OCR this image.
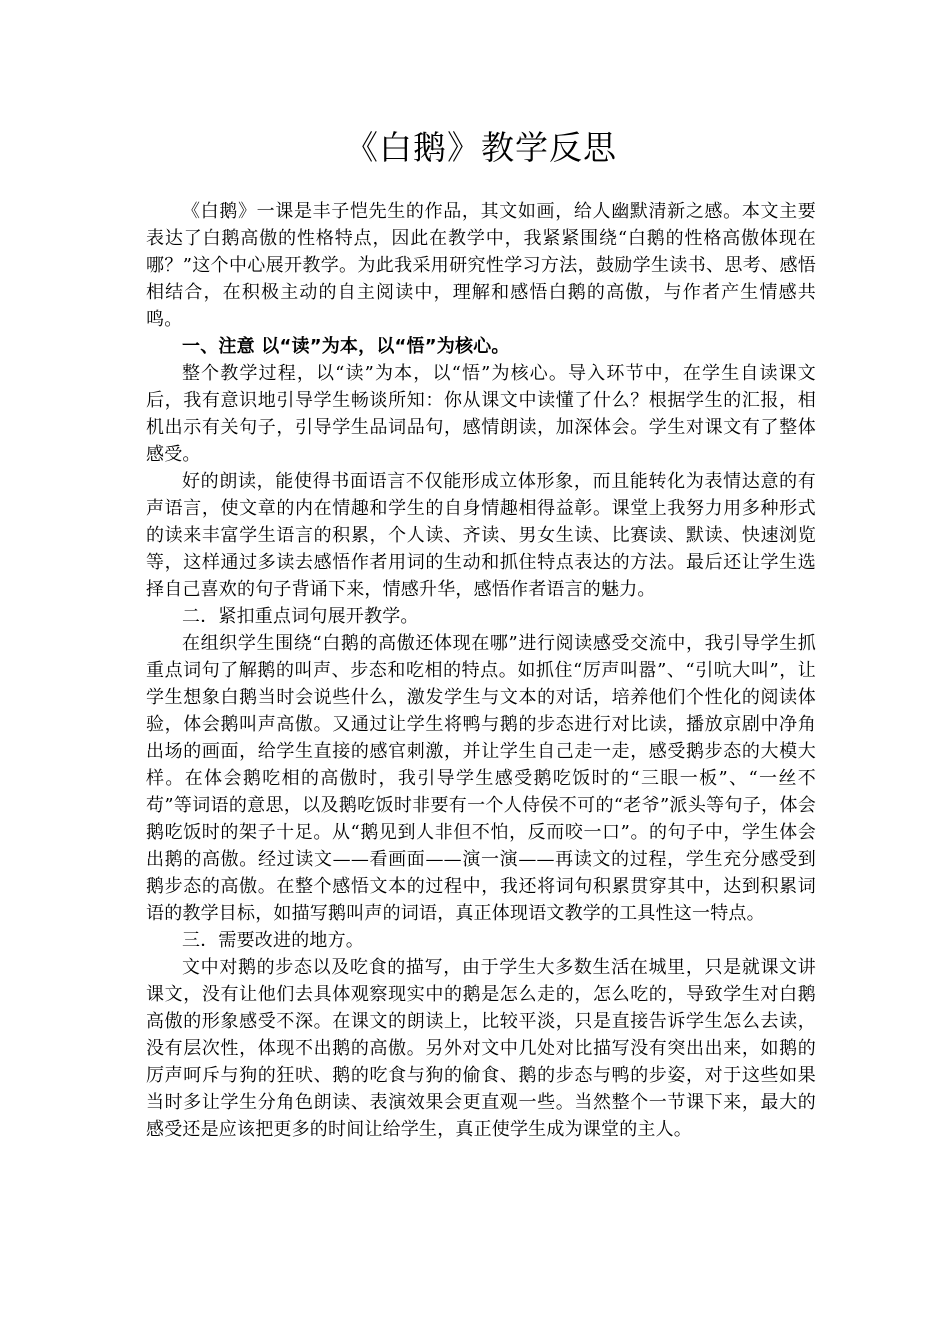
《白鹅》教学反思

《白鹅》一课是丰子恺先生的作品，其文如画，给人幽默清新之感。本文主要表达了白鹅高傲的性格特点，因此在教学中，我紧紧围绕“白鹅的性格高傲体现在哪？”这个中心展开教学。为此我采用研究性学习方法，鼓励学生读书、思考、感悟相结合，在积极主动的自主阅读中，理解和感悟白鹅的高傲，与作者产生情感共鸣。

一、注意 以“读”为本，以“悟”为核心。

整个教学过程，以“读”为本，以“悟”为核心。导入环节中，在学生自读课文后，我有意识地引导学生畅谈所知：你从课文中读懂了什么？根据学生的汇报，相机出示有关句子，引导学生品词品句，感情朗读，加深体会。学生对课文有了整体感受。

好的朗读，能使得书面语言不仅能形成立体形象，而且能转化为表情达意的有声语言，使文章的内在情趣和学生的自身情趣相得益彰。课堂上我努力用多种形式的读来丰富学生语言的积累，个人读、齐读、男女生读、比赛读、默读、快速浏览等，这样通过多读去感悟作者用词的生动和抓住特点表达的方法。最后还让学生选择自己喜欢的句子背诵下来，情感升华，感悟作者语言的魅力。

二．紧扣重点词句展开教学。

在组织学生围绕“白鹅的高傲还体现在哪”进行阅读感受交流中，我引导学生抓重点词句了解鹅的叫声、步态和吃相的特点。如抓住“厉声叫嚣”、“引吭大叫”，让学生想象白鹅当时会说些什么，激发学生与文本的对话，培养他们个性化的阅读体验，体会鹅叫声高傲。又通过让学生将鸭与鹅的步态进行对比读，播放京剧中净角出场的画面，给学生直接的感官刺激，并让学生自己走一走，感受鹅步态的大模大样。在体会鹅吃相的高傲时，我引导学生感受鹅吃饭时的“三眼一板”、“一丝不苟”等词语的意思，以及鹅吃饭时非要有一个人侍侯不可的“老爷”派头等句子，体会鹅吃饭时的架子十足。从“鹅见到人非但不怕，反而咬一口”。的句子中，学生体会出鹅的高傲。经过读文——看画面——演一演——再读文的过程，学生充分感受到鹅步态的高傲。在整个感悟文本的过程中，我还将词句积累贯穿其中，达到积累词语的教学目标，如描写鹅叫声的词语，真正体现语文教学的工具性这一特点。

三．需要改进的地方。

文中对鹅的步态以及吃食的描写，由于学生大多数生活在城里，只是就课文讲课文，没有让他们去具体观察现实中的鹅是怎么走的，怎么吃的，导致学生对白鹅高傲的形象感受不深。在课文的朗读上，比较平淡，只是直接告诉学生怎么去读，没有层次性，体现不出鹅的高傲。另外对文中几处对比描写没有突出出来，如鹅的厉声呵斥与狗的狂吠、鹅的吃食与狗的偷食、鹅的步态与鸭的步姿，对于这些如果当时多让学生分角色朗读、表演效果会更直观一些。当然整个一节课下来，最大的感受还是应该把更多的时间让给学生，真正使学生成为课堂的主人。
